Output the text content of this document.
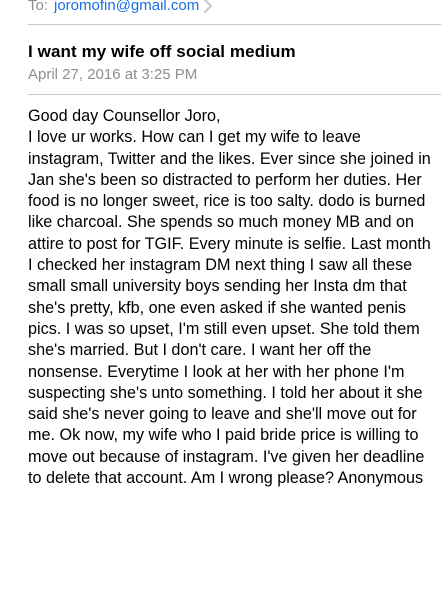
To: joromofin@gmail.com
I want my wife off social medium
April 27, 2016 at 3:25 PM
Good day Counsellor Joro,
I love ur works. How can I get my wife to leave instagram, Twitter and the likes. Ever since she joined in Jan she's been so distracted to perform her duties. Her food is no longer sweet, rice is too salty. dodo is burned like charcoal. She spends so much money MB and on attire to post for TGIF. Every minute is selfie. Last month I checked her instagram DM next thing I saw all these small small university boys sending her Insta dm that she's pretty, kfb, one even asked if she wanted penis pics. I was so upset, I'm still even upset. She told them she's married. But I don't care. I want her off the nonsense. Everytime I look at her with her phone I'm suspecting she's unto something. I told her about it she said she's never going to leave and she'll move out for me. Ok now, my wife who I paid bride price is willing to move out because of instagram. I've given her deadline to delete that account. Am I wrong please? Anonymous
